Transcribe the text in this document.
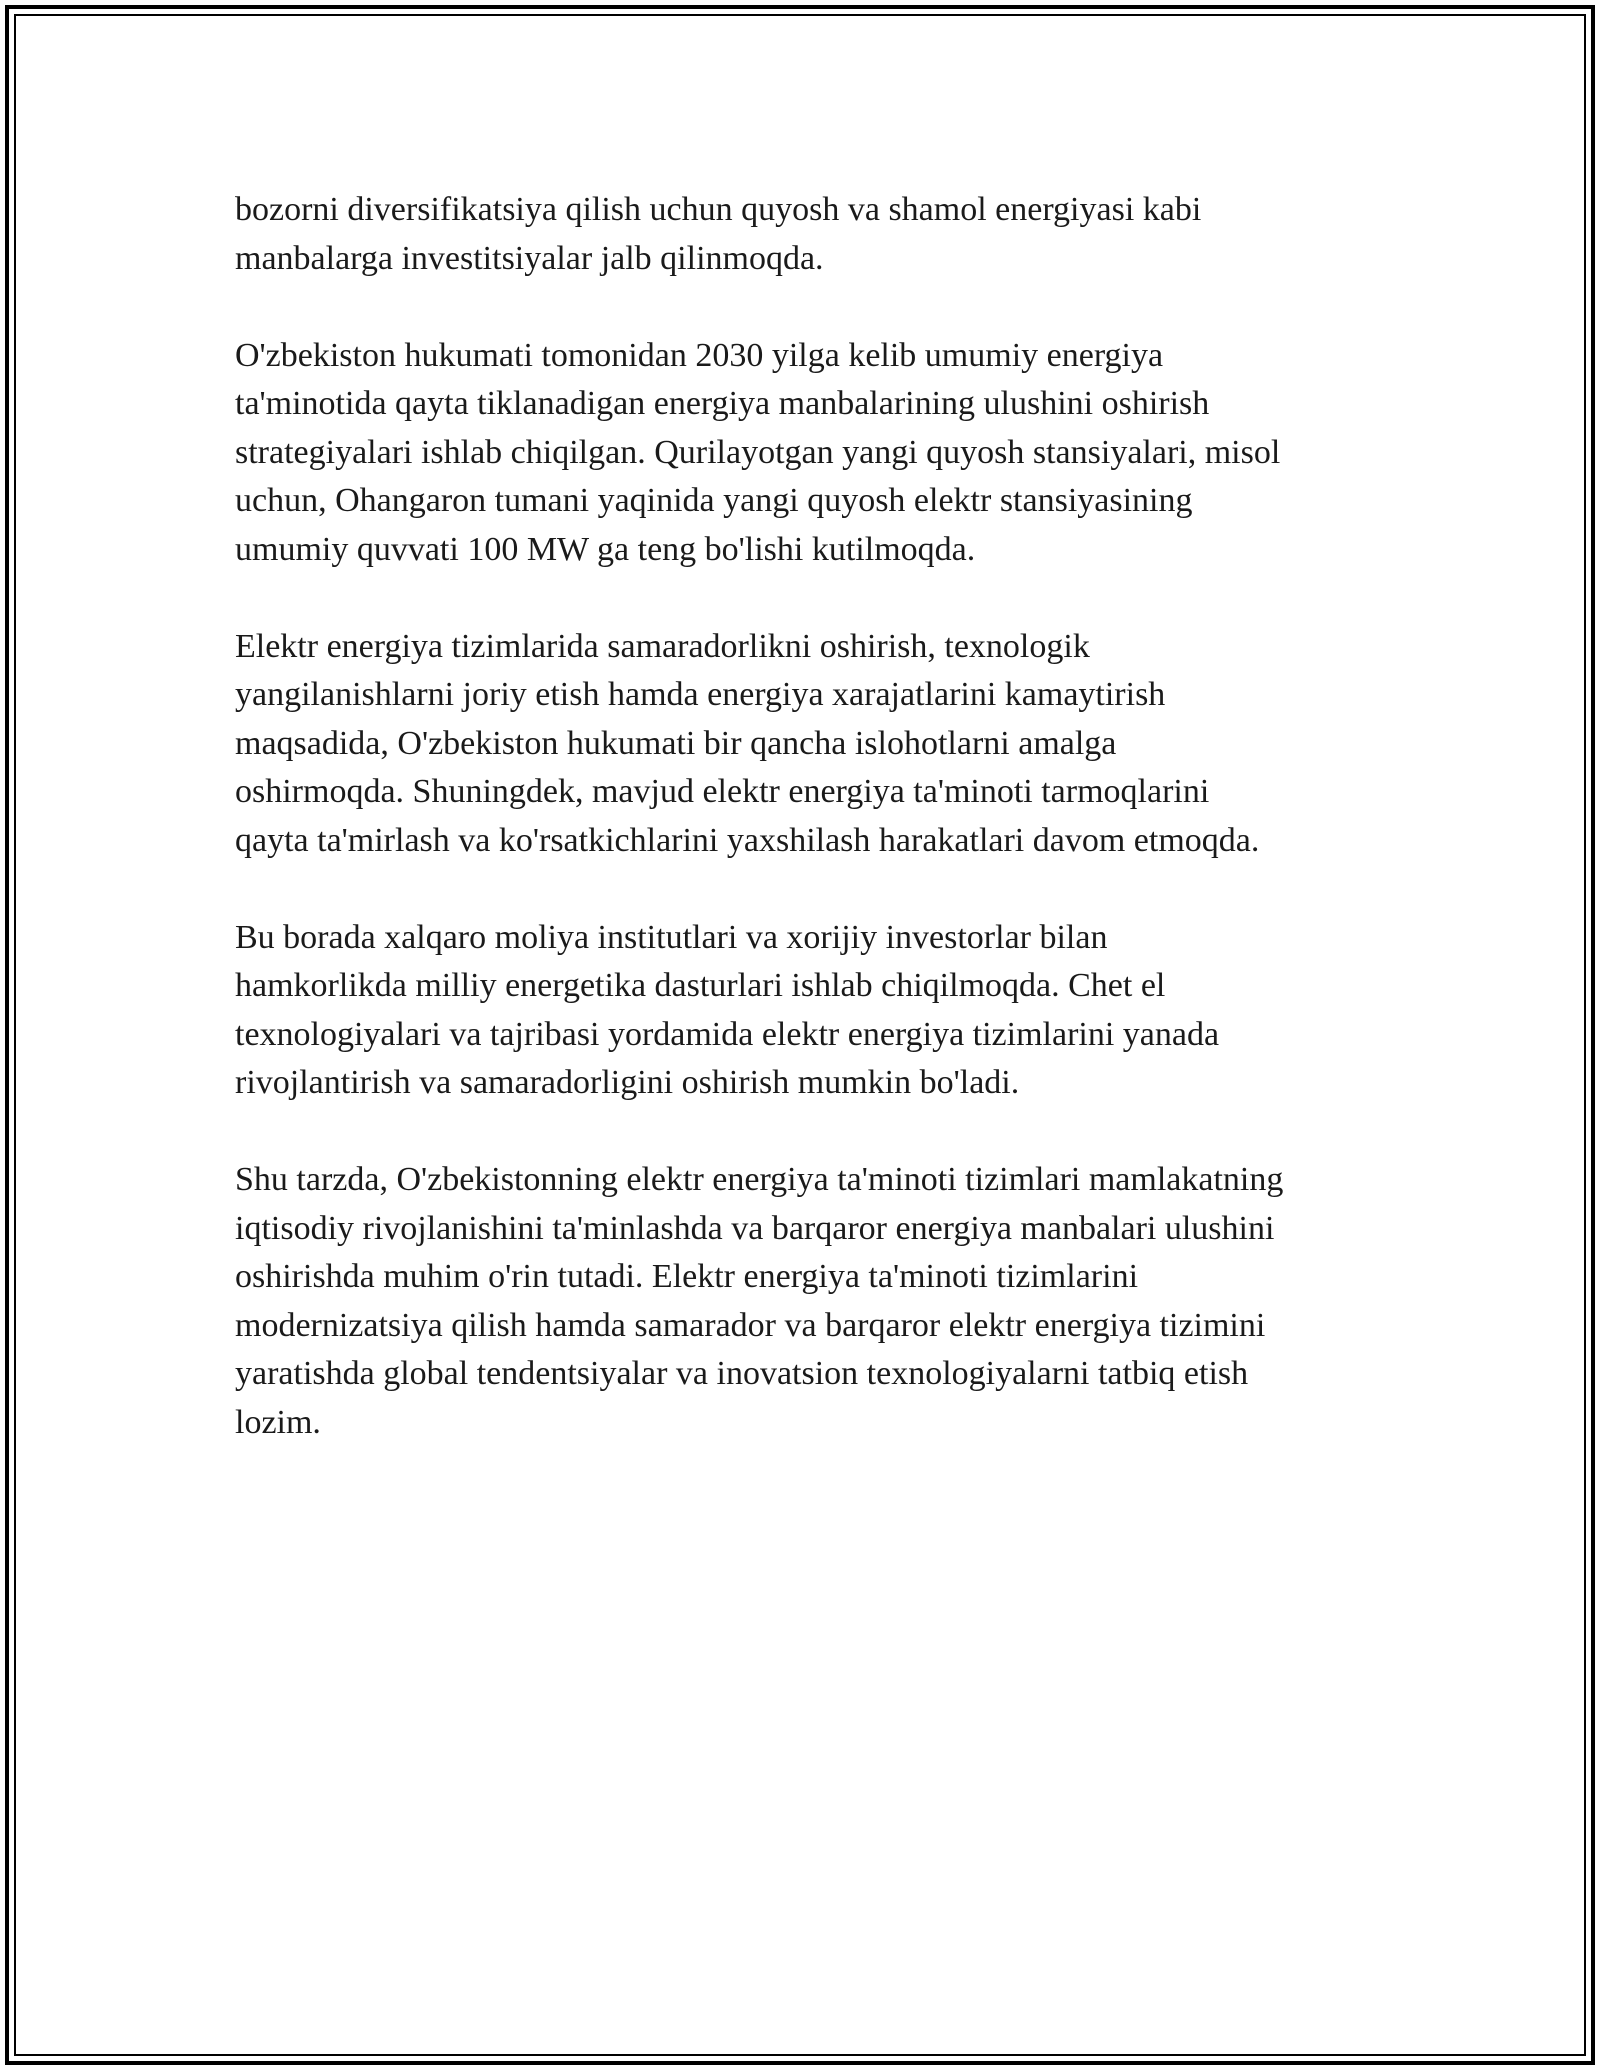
bozorni diversifikatsiya qilish uchun quyosh va shamol energiyasi kabi
manbalarga investitsiyalar jalb qilinmoqda.

O'zbekiston hukumati tomonidan 2030 yilga kelib umumiy energiya
ta'minotida qayta tiklanadigan energiya manbalarining ulushini oshirish
strategiyalari ishlab chiqilgan. Qurilayotgan yangi quyosh stansiyalari, misol
uchun, Ohangaron tumani yaqinida yangi quyosh elektr stansiyasining
umumiy quvvati 100 MW ga teng bo'lishi kutilmoqda.

Elektr energiya tizimlarida samaradorlikni oshirish, texnologik
yangilanishlarni joriy etish hamda energiya xarajatlarini kamaytirish
maqsadida, O'zbekiston hukumati bir qancha islohotlarni amalga
oshirmoqda. Shuningdek, mavjud elektr energiya ta'minoti tarmoqlarini
qayta ta'mirlash va ko'rsatkichlarini yaxshilash harakatlari davom etmoqda.

Bu borada xalqaro moliya institutlari va xorijiy investorlar bilan
hamkorlikda milliy energetika dasturlari ishlab chiqilmoqda. Chet el
texnologiyalari va tajribasi yordamida elektr energiya tizimlarini yanada
rivojlantirish va samaradorligini oshirish mumkin bo'ladi.

Shu tarzda, O'zbekistonning elektr energiya ta'minoti tizimlari mamlakatning
iqtisodiy rivojlanishini ta'minlashda va barqaror energiya manbalari ulushini
oshirishda muhim o'rin tutadi. Elektr energiya ta'minoti tizimlarini
modernizatsiya qilish hamda samarador va barqaror elektr energiya tizimini
yaratishda global tendentsiyalar va inovatsion texnologiyalarni tatbiq etish
lozim.
